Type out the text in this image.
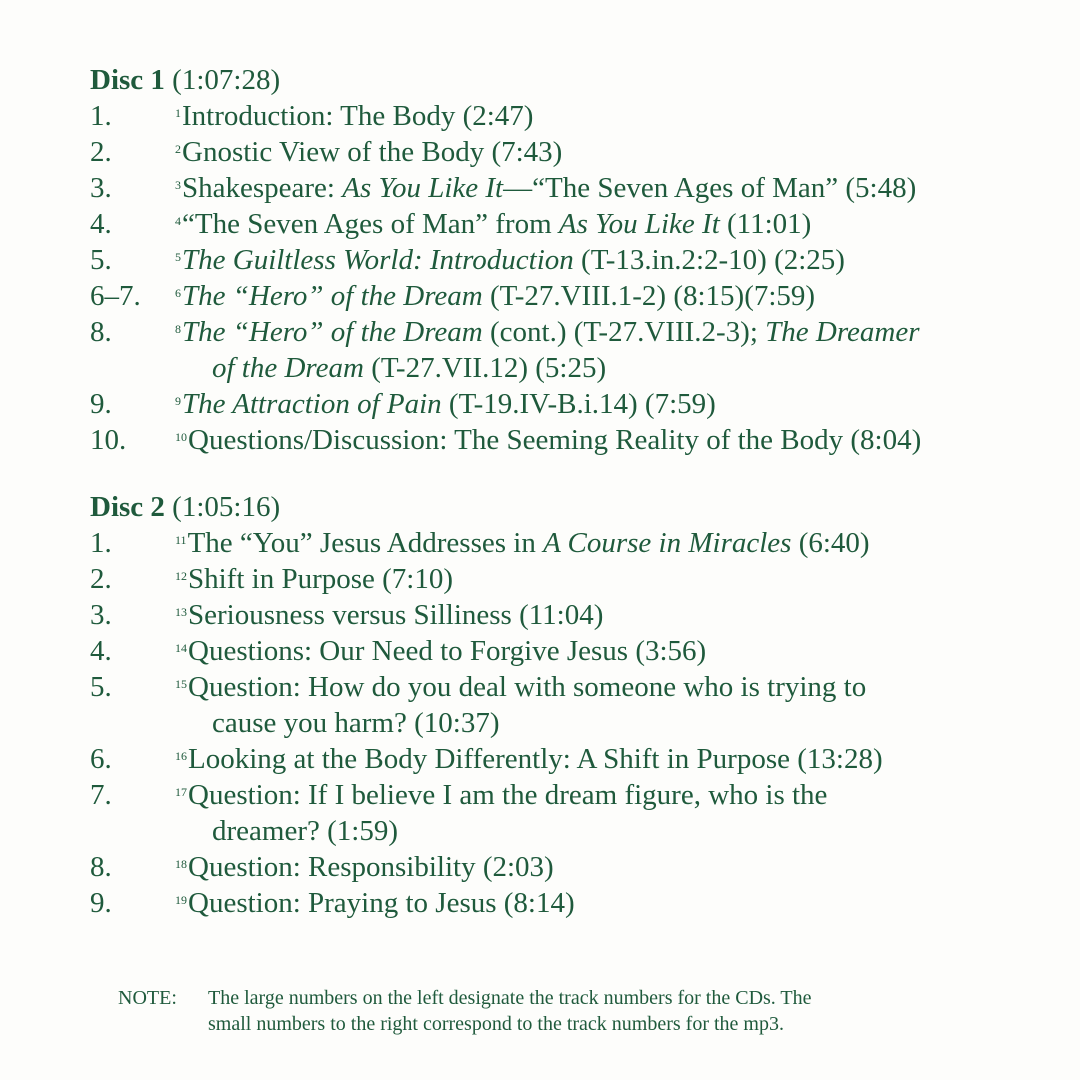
Disc 1 (1:07:28)
1.	$^1$Introduction: The Body (2:47)
2.	$^2$Gnostic View of the Body (7:43)
3.	$^3$Shakespeare: As You Like It—“The Seven Ages of Man” (5:48)
4.	$^4$“The Seven Ages of Man” from As You Like It (11:01)
5.	$^5$The Guiltless World: Introduction (T-13.in.2:2-10) (2:25)
6–7.	$^6$The “Hero” of the Dream (T-27.VIII.1-2) (8:15)(7:59)
8.	$^8$The “Hero” of the Dream (cont.) (T-27.VIII.2-3); The Dreamer
of the Dream (T-27.VII.12) (5:25)
9.	$^9$The Attraction of Pain (T-19.IV-B.i.14) (7:59)
10.	$^{10}$Questions/Discussion: The Seeming Reality of the Body (8:04)
Disc 2 (1:05:16)
1.	$^{11}$The “You” Jesus Addresses in A Course in Miracles (6:40)
2.	$^{12}$Shift in Purpose (7:10)
3.	$^{13}$Seriousness versus Silliness (11:04)
4.	$^{14}$Questions: Our Need to Forgive Jesus (3:56)
5.	$^{15}$Question: How do you deal with someone who is trying to
cause you harm? (10:37)
6.	$^{16}$Looking at the Body Differently: A Shift in Purpose (13:28)
7.	$^{17}$Question: If I believe I am the dream figure, who is the
dreamer? (1:59)
8.	$^{18}$Question: Responsibility (2:03)
9.	$^{19}$Question: Praying to Jesus (8:14)
NOTE:	The large numbers on the left designate the track numbers for the CDs. The
small numbers to the right correspond to the track numbers for the mp3.
